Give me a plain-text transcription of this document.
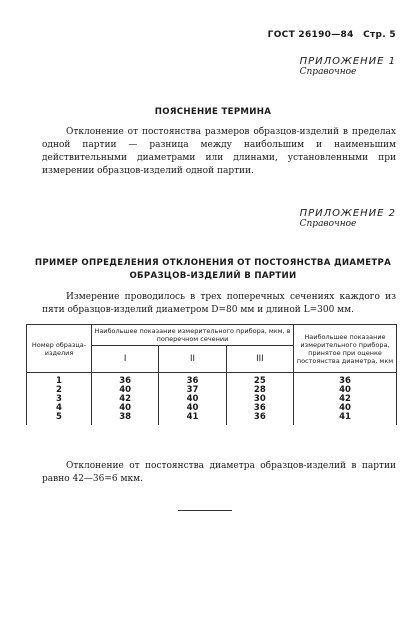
ГОСТ 26190—84 Стр. 5
ПРИЛОЖЕНИЕ 1
Справочное
ПОЯСНЕНИЕ ТЕРМИНА
Отклонение от постоянства размеров образцов-изделий в пределах одной партии — разница между наибольшим и наименьшим действительными диаметрами или длинами, установленными при измерении образцов-изделий одной партии.
ПРИЛОЖЕНИЕ 2
Справочное
ПРИМЕР ОПРЕДЕЛЕНИЯ ОТКЛОНЕНИЯ ОТ ПОСТОЯНСТВА ДИАМЕТРА
ОБРАЗЦОВ-ИЗДЕЛИЙ В ПАРТИИ
Измерение проводилось в трех поперечных сечениях каждого из пяти образцов-изделий диаметром D=80 мм и длиной L=300 мм.
Номер образца-изделия	Наибольшее показание измерительного прибора, мкм, в поперечном сечении			Наибольшее показание измерительного прибора, принятое при оценке постоянства диаметра, мкм
	I	II	III	
1	36	36	25	36
2	40	37	28	40
3	42	40	30	42
4	40	40	36	40
5	38	41	36	41
Отклонение от постоянства диаметра образцов-изделий в партии равно 42—36=6 мкм.
